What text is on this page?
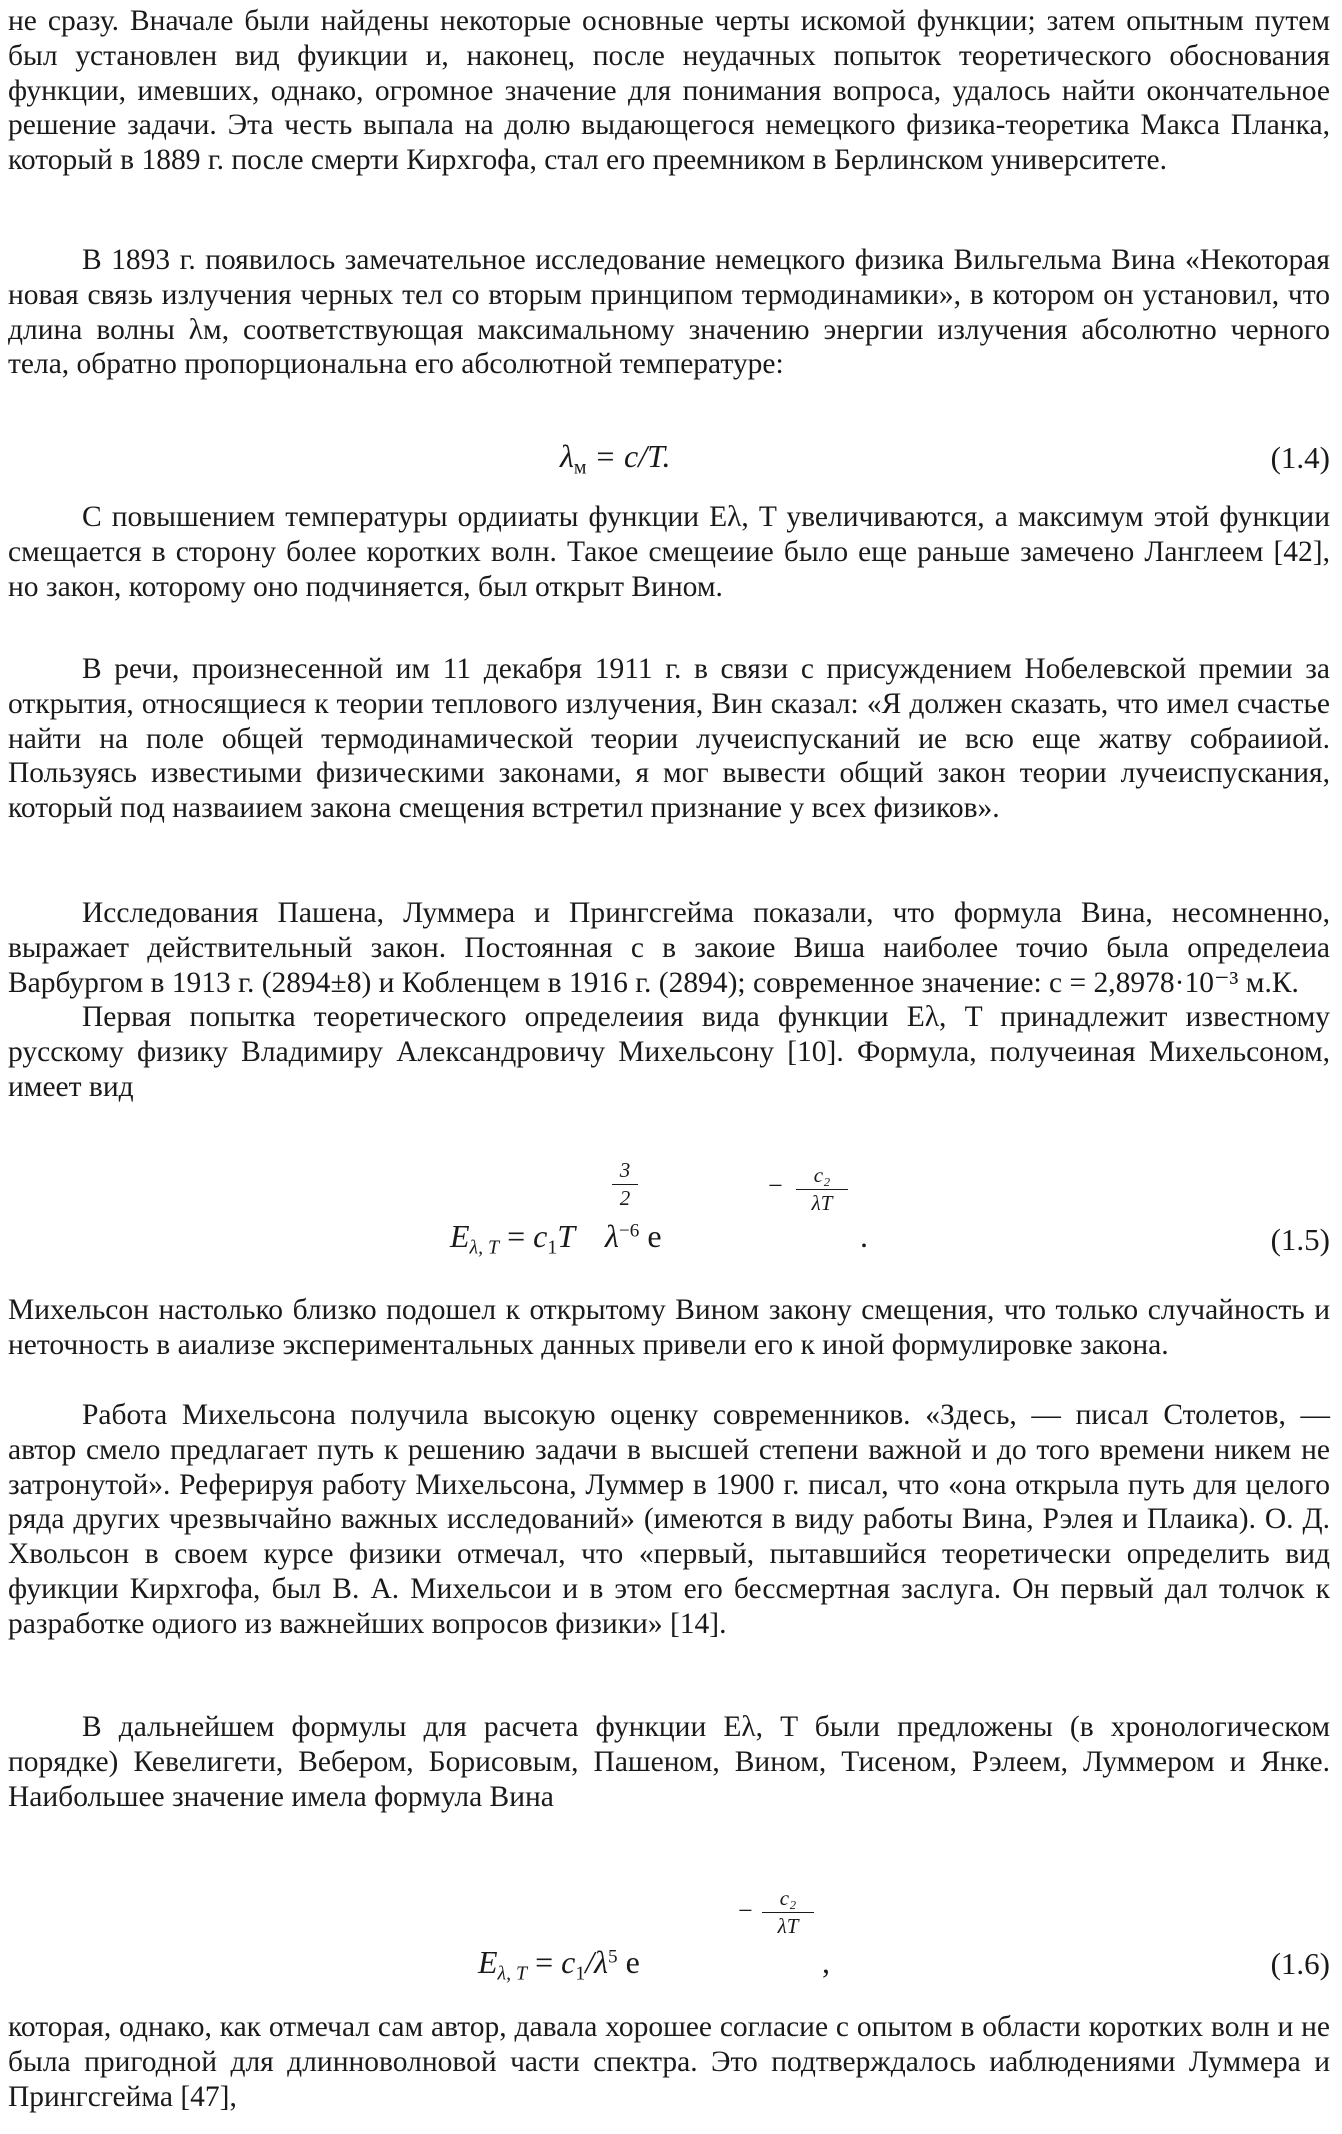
не сразу. Вначале были найдены некоторые основные черты искомой функции; затем опытным путем был установлен вид фуикции и, наконец, после неудачных попыток теоретического обоснования функции, имевших, однако, огромное значение для понимания вопроса, удалось найти окончательное решение задачи. Эта честь выпала на долю выдающегося немецкого физика-теоретика Макса Планка, который в 1889 г. после смерти Кирхгофа, стал его преемником в Берлинском университете.
В 1893 г. появилось замечательное исследование немецкого физика Вильгельма Вина «Некоторая новая связь излучения черных тел со вторым принципом термодинамики», в котором он установил, что длина волны λм, соответствующая максимальному значению энергии излучения абсолютно черного тела, обратно пропорциональна его абсолютной температуре:
$\lambda_м = c/T$.	(1.4)
С повышением температуры ордииаты функции Eλ, T увеличиваются, а максимум этой функции смещается в сторону более коротких волн. Такое смещеиие было еще раньше замечено Ланглеем [42], но закон, которому оно подчиняется, был открыт Вином.
В речи, произнесенной им 11 декабря 1911 г. в связи с присуждением Нобелевской премии за открытия, относящиеся к теории теплового излучения, Вин сказал: «Я должен сказать, что имел счастье найти на поле общей термодинамической теории лучеиспусканий ие всю еще жатву собраииой. Пользуясь известиыми физическими законами, я мог вывести общий закон теории лучеиспускания, который под назваиием закона смещения встретил признание у всех физиков».
Исследования Пашена, Луммера и Прингсгейма показали, что формула Вина, несомненно, выражает действительный закон. Постоянная c в закоие Виша наиболее точио была определеиа Варбургом в 1913 г. (2894±8) и Кобленцем в 1916 г. (2894); современное значение: c = 2,8978·10⁻³ м.К.
Первая попытка теоретического определеиия вида функции Eλ, T принадлежит известному русскому физику Владимиру Александровичу Михельсону [10]. Формула, получеиная Михельсоном, имеет вид
$E_{\lambda, T} = c_1T$ $\lambda^{-6}$ e
3
2	−	c₂
λT
.	(1.5)
Михельсон настолько близко подошел к открытому Вином закону смещения, что только случайность и неточность в аиализе экспериментальных данных привели его к иной формулировке закона.
Работа Михельсона получила высокую оценку современников. «Здесь, — писал Столетов, — автор смело предлагает путь к решению задачи в высшей степени важной и до того времени никем не затронутой». Реферируя работу Михельсона, Луммер в 1900 г. писал, что «она открыла путь для целого ряда других чрезвычайно важных исследований» (имеются в виду работы Вина, Рэлея и Плаика). О. Д. Хвольсон в своем курсе физики отмечал, что «первый, пытавшийся теоретически определить вид фуикции Кирхгофа, был В. А. Михельсои и в этом его бессмертная заслуга. Он первый дал толчок к разработке одиого из важнейших вопросов физики» [14].
В дальнейшем формулы для расчета функции Eλ, T были предложены (в хронологическом порядке) Кевелигети, Вебером, Борисовым, Пашеном, Вином, Тисеном, Рэлеем, Луммером и Янке. Наибольшее значение имела формула Вина
$E_{\lambda, T} = c_1/\lambda^5$ e
−	c₂
λT
,	(1.6)
которая, однако, как отмечал сам автор, давала хорошее согласие с опытом в области коротких волн и не была пригодной для длинноволновой части спектра. Это подтверждалось иаблюдениями Луммера и Прингсгейма [47],
